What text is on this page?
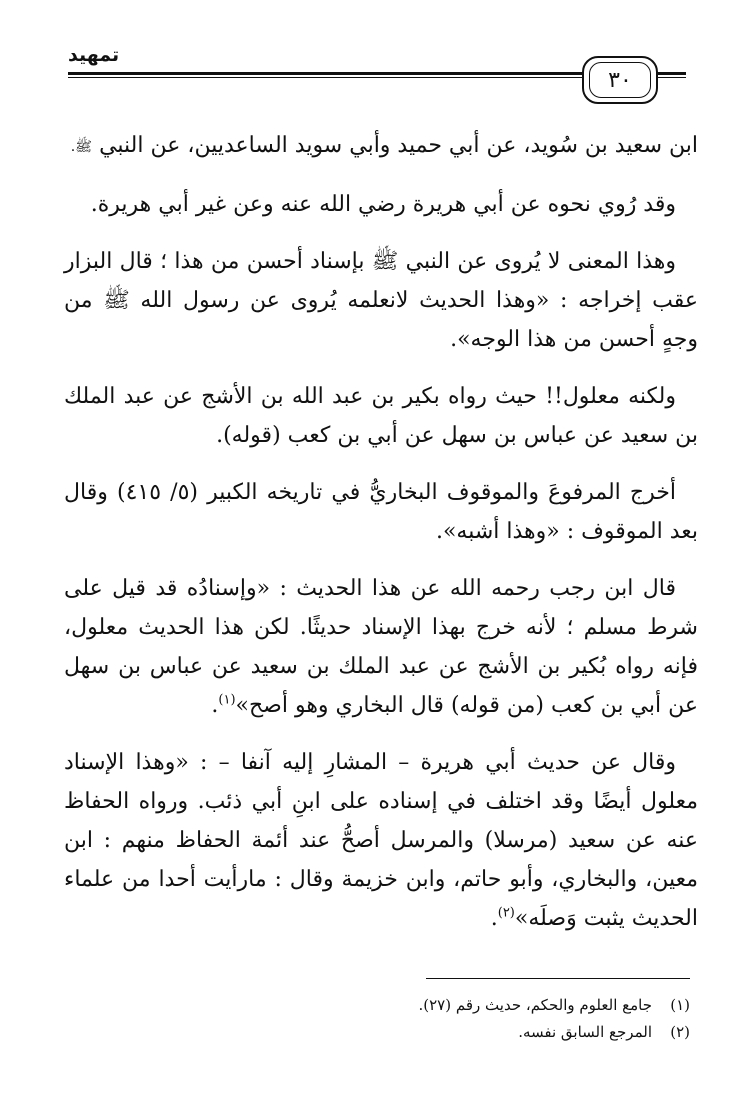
تمهيد
٣٠

ابن سعيد بن سُويد، عن أبي حميد وأبي سويد الساعديين، عن النبي ﷺ.

وقد رُوي نحوه عن أبي هريرة رضي الله عنه وعن غير أبي هريرة.

وهذا المعنى لا يُروى عن النبي ﷺ بإسناد أحسن من هذا ؛ قال البزار عقب إخراجه : «وهذا الحديث لانعلمه يُروى عن رسول الله ﷺ من وجهٍ أحسن من هذا الوجه».

ولكنه معلول!! حيث رواه بكير بن عبد الله بن الأشج عن عبد الملك بن سعيد عن عباس بن سهل عن أبي بن كعب (قوله).

أخرج المرفوعَ والموقوف البخاريُّ في تاريخه الكبير (٥/ ٤١٥) وقال بعد الموقوف : «وهذا أشبه».

قال ابن رجب رحمه الله عن هذا الحديث : «وإسنادُه قد قيل على شرط مسلم ؛ لأنه خرج بهذا الإسناد حديثًا. لكن هذا الحديث معلول، فإنه رواه بُكير بن الأشج عن عبد الملك بن سعيد عن عباس بن سهل عن أبي بن كعب (من قوله) قال البخاري وهو أصح»$^{(١)}$.

وقال عن حديث أبي هريرة – المشارِ إليه آنفا – : «وهذا الإسناد معلول أيضًا وقد اختلف في إسناده على ابنِ أبي ذئب. ورواه الحفاظ عنه عن سعيد (مرسلا) والمرسل أصحُّ عند أئمة الحفاظ منهم : ابن معين، والبخاري، وأبو حاتم، وابن خزيمة وقال : مارأيت أحدا من علماء الحديث يثبت وَصلَه»$^{(٢)}$.

(١)
جامع العلوم والحكم، حديث رقم (٢٧).
(٢)
المرجع السابق نفسه.
